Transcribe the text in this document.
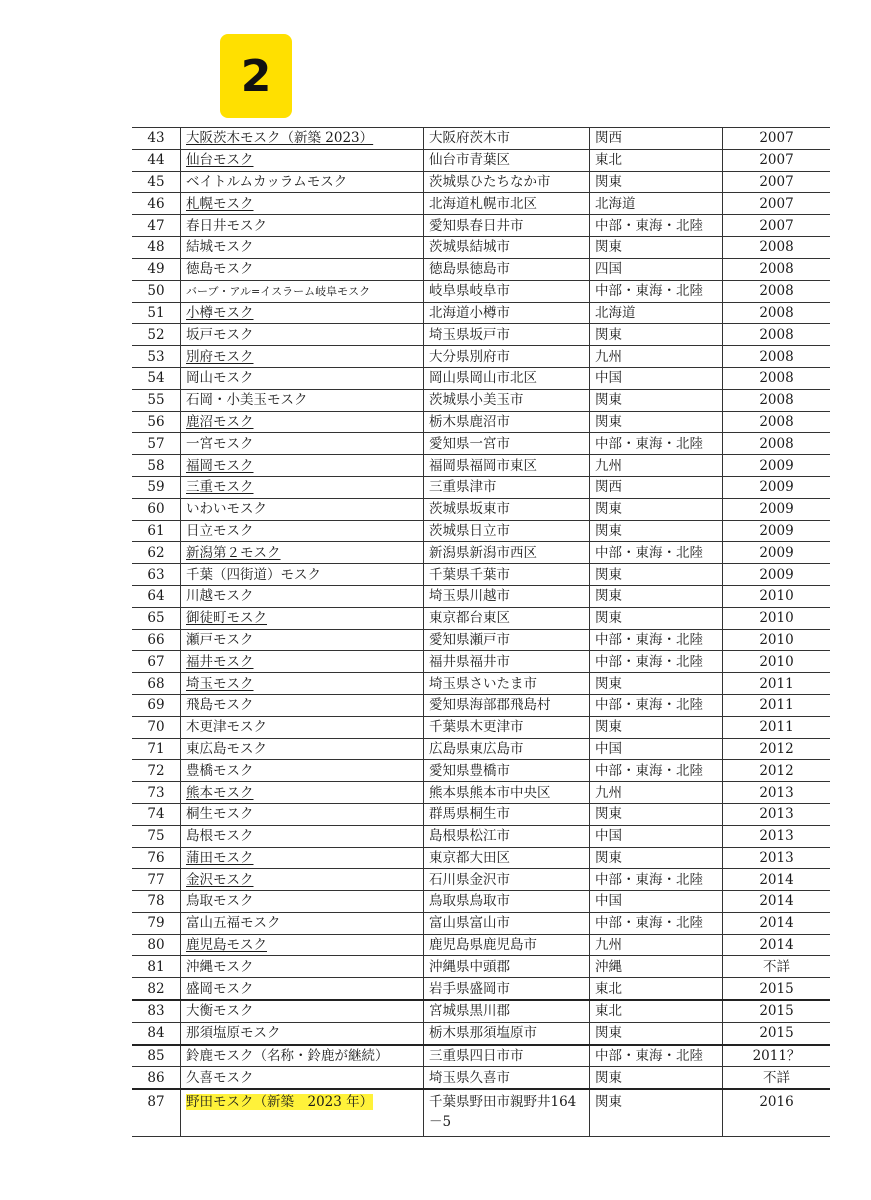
2
43	大阪茨木モスク（新築 2023）	大阪府茨木市	関西	2007
44	仙台モスク	仙台市青葉区	東北	2007
45	ベイトルムカッラムモスク	茨城県ひたちなか市	関東	2007
46	札幌モスク	北海道札幌市北区	北海道	2007
47	春日井モスク	愛知県春日井市	中部・東海・北陸	2007
48	結城モスク	茨城県結城市	関東	2008
49	徳島モスク	徳島県徳島市	四国	2008
50	バーブ・アル=イスラーム岐阜モスク	岐阜県岐阜市	中部・東海・北陸	2008
51	小樽モスク	北海道小樽市	北海道	2008
52	坂戸モスク	埼玉県坂戸市	関東	2008
53	別府モスク	大分県別府市	九州	2008
54	岡山モスク	岡山県岡山市北区	中国	2008
55	石岡・小美玉モスク	茨城県小美玉市	関東	2008
56	鹿沼モスク	栃木県鹿沼市	関東	2008
57	一宮モスク	愛知県一宮市	中部・東海・北陸	2008
58	福岡モスク	福岡県福岡市東区	九州	2009
59	三重モスク	三重県津市	関西	2009
60	いわいモスク	茨城県坂東市	関東	2009
61	日立モスク	茨城県日立市	関東	2009
62	新潟第２モスク	新潟県新潟市西区	中部・東海・北陸	2009
63	千葉（四街道）モスク	千葉県千葉市	関東	2009
64	川越モスク	埼玉県川越市	関東	2010
65	御徒町モスク	東京都台東区	関東	2010
66	瀬戸モスク	愛知県瀬戸市	中部・東海・北陸	2010
67	福井モスク	福井県福井市	中部・東海・北陸	2010
68	埼玉モスク	埼玉県さいたま市	関東	2011
69	飛島モスク	愛知県海部郡飛島村	中部・東海・北陸	2011
70	木更津モスク	千葉県木更津市	関東	2011
71	東広島モスク	広島県東広島市	中国	2012
72	豊橋モスク	愛知県豊橋市	中部・東海・北陸	2012
73	熊本モスク	熊本県熊本市中央区	九州	2013
74	桐生モスク	群馬県桐生市	関東	2013
75	島根モスク	島根県松江市	中国	2013
76	蒲田モスク	東京都大田区	関東	2013
77	金沢モスク	石川県金沢市	中部・東海・北陸	2014
78	鳥取モスク	鳥取県鳥取市	中国	2014
79	富山五福モスク	富山県富山市	中部・東海・北陸	2014
80	鹿児島モスク	鹿児島県鹿児島市	九州	2014
81	沖縄モスク	沖縄県中頭郡	沖縄	不詳
82	盛岡モスク	岩手県盛岡市	東北	2015
83	大衡モスク	宮城県黒川郡	東北	2015
84	那須塩原モスク	栃木県那須塩原市	関東	2015
85	鈴鹿モスク（名称・鈴鹿が継続）	三重県四日市市	中部・東海・北陸	2011？
86	久喜モスク	埼玉県久喜市	関東	不詳
87	野田モスク（新築　2023 年）	千葉県野田市親野井164－5	関東	2016
